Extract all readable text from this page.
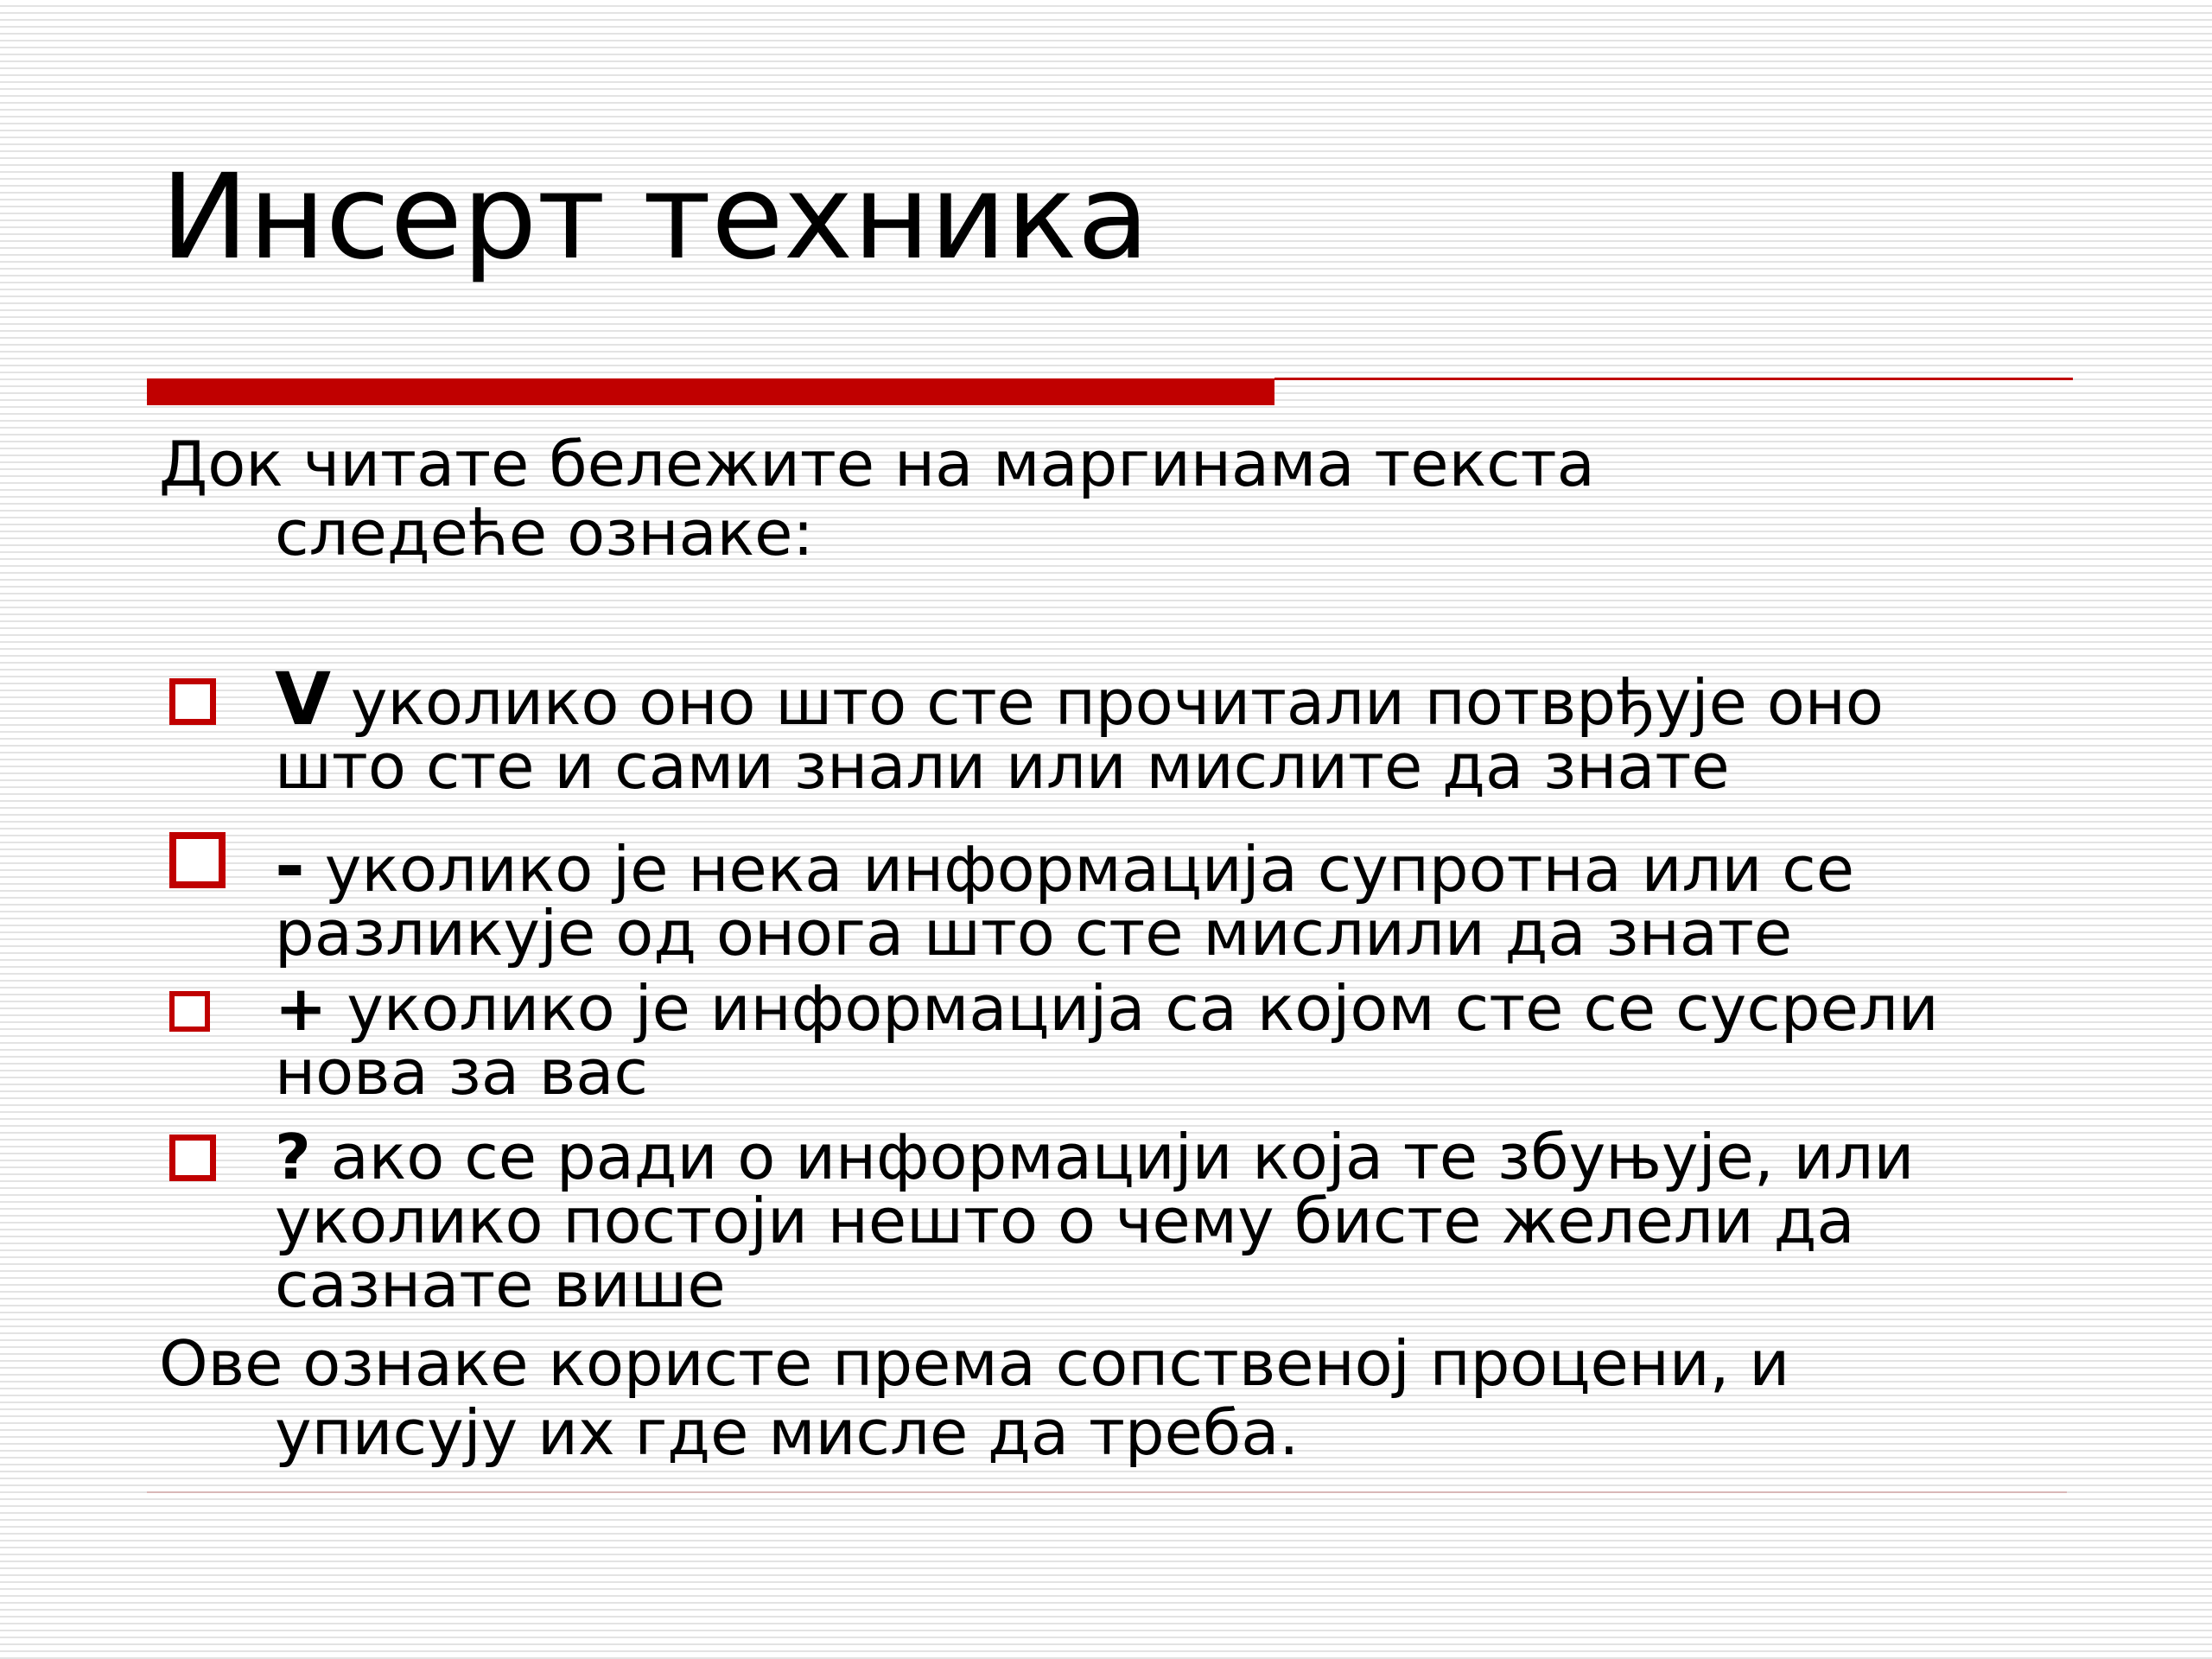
Инсерт техника
Док читате бележите на маргинама текста
следеће ознаке:
V уколико оно што сте прочитали потврђује оно
што сте и сами знали или мислите да знате
- уколико је нека информација супротна или се
разликује од онога што сте мислили да знате
+ уколико је информација са којом сте се сусрели
нова за вас
? ако се ради о информацији која те збуњује, или
уколико постоји нешто о чему бисте желели да
сазнате више
Ове ознаке користе према сопственој процени, и
уписују их где мисле да треба.
